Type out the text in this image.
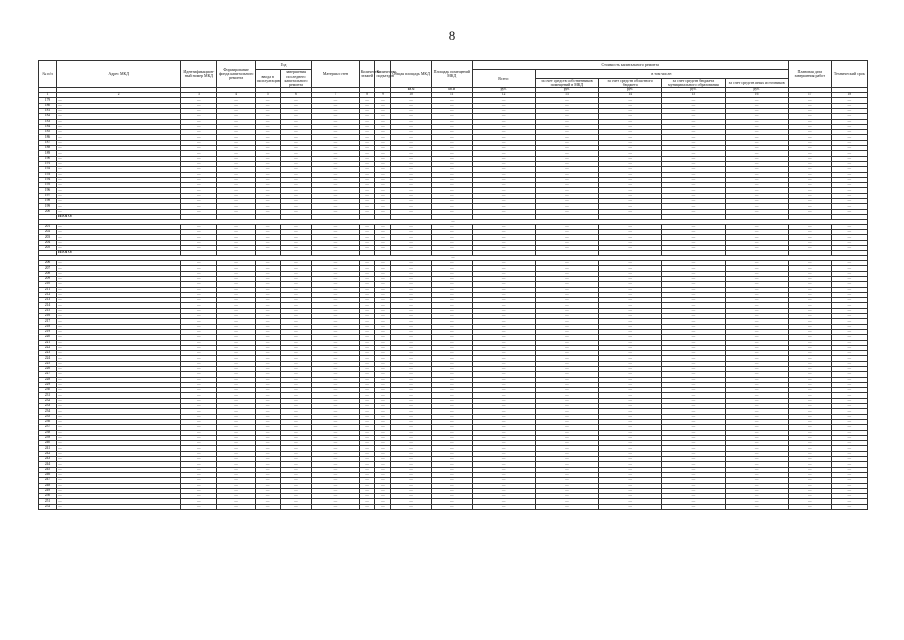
8
№ п/п	Адрес МКД	Идентификацион-ный номер МКД	Формирование фонда капитального ремонта	Год		Материал стен	Количество этажей	Количество подъездов	Общая площадь МКД	Площадь помещений МКД	Стоимость капитального ремонта					Плановая дата завершения работ	Технический срок
				ввода в эксплуатацию	завершения последнего капитального ремонта						Всего:	в том числе:					
												за счет средств собственников помещений в МКД	за счет средств областного бюджета	за счет средств бюджета муниципального образования	за счет средств иных источников		
									кв.м	кв.м	руб.	руб.	руб.	руб.	руб.		
1	2	3	4	5	6	7	8	9	10	11	12	13	14	15	16	17	18
179	—	—	—	—	—	—	—	—	—	—	—	—	—	—	—	—	—
180	—	—	—	—	—	—	—	—	—	—	—	—	—	—	—	—	—
181	—	—	—	—	—	—	—	—	—	—	—	—	—	—	—	—	—
182	—	—	—	—	—	—	—	—	—	—	—	—	—	—	—	—	—
183	—	—	—	—	—	—	—	—	—	—	—	—	—	—	—	—	—
184	—	—	—	—	—	—	—	—	—	—	—	—	—	—	—	—	—
185	—	—	—	—	—	—	—	—	—	—	—	—	—	—	—	—	—
186	—	—	—	—	—	—	—	—	—	—	—	—	—	—	—	—	—
187	—	—	—	—	—	—	—	—	—	—	—	—	—	—	—	—	—
188	—	—	—	—	—	—	—	—	—	—	—	—	—	—	—	—	—
189	—	—	—	—	—	—	—	—	—	—	—	—	—	—	—	—	—
190	—	—	—	—	—	—	—	—	—	—	—	—	—	—	—	—	—
191	—	—	—	—	—	—	—	—	—	—	—	—	—	—	—	—	—
192	—	—	—	—	—	—	—	—	—	—	—	—	—	—	—	—	—
193	—	—	—	—	—	—	—	—	—	—	—	—	—	—	—	—	—
194	—	—	—	—	—	—	—	—	—	—	—	—	—	—	—	—	—
195	—	—	—	—	—	—	—	—	—	—	—	—	—	—	—	—	—
196	—	—	—	—	—	—	—	—	—	—	—	—	—	—	—	—	—
197	—	—	—	—	—	—	—	—	—	—	—	—	—	—	—	—	—
198	—	—	—	—	—	—	—	—	—	—	—	—	—	—	—	—	—
199	—	—	—	—	—	—	—	—	—	—	—	—	—	—	—	—	—
200	—	—	—	—	—	—	—	—	—	—	—	—	—	—	—	—	—
	ИТОГО:																
—																	
201	—	—	—	—	—	—	—	—	—	—	—	—	—	—	—	—	—
202	—	—	—	—	—	—	—	—	—	—	—	—	—	—	—	—	—
203	—	—	—	—	—	—	—	—	—	—	—	—	—	—	—	—	—
204	—	—	—	—	—	—	—	—	—	—	—	—	—	—	—	—	—
205	—	—	—	—	—	—	—	—	—	—	—	—	—	—	—	—	—
	ИТОГО:																
—																	
206	—	—	—	—	—	—	—	—	—	—	—	—	—	—	—	—	—
207	—	—	—	—	—	—	—	—	—	—	—	—	—	—	—	—	—
208	—	—	—	—	—	—	—	—	—	—	—	—	—	—	—	—	—
209	—	—	—	—	—	—	—	—	—	—	—	—	—	—	—	—	—
210	—	—	—	—	—	—	—	—	—	—	—	—	—	—	—	—	—
211	—	—	—	—	—	—	—	—	—	—	—	—	—	—	—	—	—
212	—	—	—	—	—	—	—	—	—	—	—	—	—	—	—	—	—
213	—	—	—	—	—	—	—	—	—	—	—	—	—	—	—	—	—
214	—	—	—	—	—	—	—	—	—	—	—	—	—	—	—	—	—
215	—	—	—	—	—	—	—	—	—	—	—	—	—	—	—	—	—
216	—	—	—	—	—	—	—	—	—	—	—	—	—	—	—	—	—
217	—	—	—	—	—	—	—	—	—	—	—	—	—	—	—	—	—
218	—	—	—	—	—	—	—	—	—	—	—	—	—	—	—	—	—
219	—	—	—	—	—	—	—	—	—	—	—	—	—	—	—	—	—
220	—	—	—	—	—	—	—	—	—	—	—	—	—	—	—	—	—
221	—	—	—	—	—	—	—	—	—	—	—	—	—	—	—	—	—
222	—	—	—	—	—	—	—	—	—	—	—	—	—	—	—	—	—
223	—	—	—	—	—	—	—	—	—	—	—	—	—	—	—	—	—
224	—	—	—	—	—	—	—	—	—	—	—	—	—	—	—	—	—
225	—	—	—	—	—	—	—	—	—	—	—	—	—	—	—	—	—
226	—	—	—	—	—	—	—	—	—	—	—	—	—	—	—	—	—
227	—	—	—	—	—	—	—	—	—	—	—	—	—	—	—	—	—
228	—	—	—	—	—	—	—	—	—	—	—	—	—	—	—	—	—
229	—	—	—	—	—	—	—	—	—	—	—	—	—	—	—	—	—
230	—	—	—	—	—	—	—	—	—	—	—	—	—	—	—	—	—
231	—	—	—	—	—	—	—	—	—	—	—	—	—	—	—	—	—
232	—	—	—	—	—	—	—	—	—	—	—	—	—	—	—	—	—
233	—	—	—	—	—	—	—	—	—	—	—	—	—	—	—	—	—
234	—	—	—	—	—	—	—	—	—	—	—	—	—	—	—	—	—
235	—	—	—	—	—	—	—	—	—	—	—	—	—	—	—	—	—
236	—	—	—	—	—	—	—	—	—	—	—	—	—	—	—	—	—
237	—	—	—	—	—	—	—	—	—	—	—	—	—	—	—	—	—
238	—	—	—	—	—	—	—	—	—	—	—	—	—	—	—	—	—
239	—	—	—	—	—	—	—	—	—	—	—	—	—	—	—	—	—
240	—	—	—	—	—	—	—	—	—	—	—	—	—	—	—	—	—
241	—	—	—	—	—	—	—	—	—	—	—	—	—	—	—	—	—
242	—	—	—	—	—	—	—	—	—	—	—	—	—	—	—	—	—
243	—	—	—	—	—	—	—	—	—	—	—	—	—	—	—	—	—
244	—	—	—	—	—	—	—	—	—	—	—	—	—	—	—	—	—
245	—	—	—	—	—	—	—	—	—	—	—	—	—	—	—	—	—
246	—	—	—	—	—	—	—	—	—	—	—	—	—	—	—	—	—
247	—	—	—	—	—	—	—	—	—	—	—	—	—	—	—	—	—
248	—	—	—	—	—	—	—	—	—	—	—	—	—	—	—	—	—
249	—	—	—	—	—	—	—	—	—	—	—	—	—	—	—	—	—
250	—	—	—	—	—	—	—	—	—	—	—	—	—	—	—	—	—
251	—	—	—	—	—	—	—	—	—	—	—	—	—	—	—	—	—
252	—	—	—	—	—	—	—	—	—	—	—	—	—	—	—	—	—
